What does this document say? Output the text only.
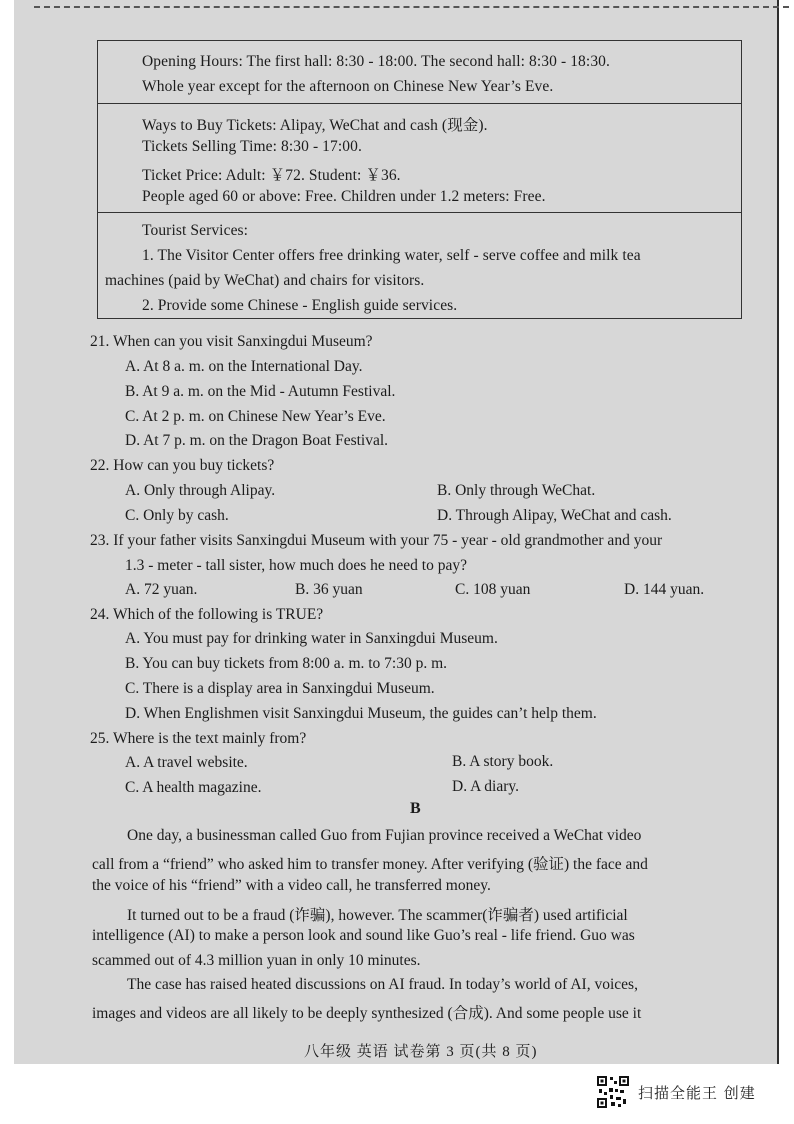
Opening Hours: The first hall: 8:30 - 18:00. The second hall: 8:30 - 18:30.
Whole year except for the afternoon on Chinese New Year’s Eve.
Ways to Buy Tickets: Alipay, WeChat and cash (现金).
Tickets Selling Time: 8:30 - 17:00.
Ticket Price: Adult: ￥72. Student: ￥36.
People aged 60 or above: Free. Children under 1.2 meters: Free.
Tourist Services:
1. The Visitor Center offers free drinking water, self - serve coffee and milk tea
machines (paid by WeChat) and chairs for visitors.
2. Provide some Chinese - English guide services.
21. When can you visit Sanxingdui Museum?
A. At 8 a. m. on the International Day.
B. At 9 a. m. on the Mid - Autumn Festival.
C. At 2 p. m. on Chinese New Year’s Eve.
D. At 7 p. m. on the Dragon Boat Festival.
22. How can you buy tickets?
A. Only through Alipay.	B. Only through WeChat.
C. Only by cash.	D. Through Alipay, WeChat and cash.
23. If your father visits Sanxingdui Museum with your 75 - year - old grandmother and your
1.3 - meter - tall sister, how much does he need to pay?
A. 72 yuan.	B. 36 yuan	C. 108 yuan	D. 144 yuan.
24. Which of the following is TRUE?
A. You must pay for drinking water in Sanxingdui Museum.
B. You can buy tickets from 8:00 a. m. to 7:30 p. m.
C. There is a display area in Sanxingdui Museum.
D. When Englishmen visit Sanxingdui Museum, the guides can’t help them.
25. Where is the text mainly from?
A. A travel website.	B. A story book.
C. A health magazine.	D. A diary.
B
One day, a businessman called Guo from Fujian province received a WeChat video
call from a “friend” who asked him to transfer money. After verifying (验证) the face and
the voice of his “friend” with a video call, he transferred money.
It turned out to be a fraud (诈骗), however. The scammer(诈骗者) used artificial
intelligence (AI) to make a person look and sound like Guo’s real - life friend. Guo was
scammed out of 4.3 million yuan in only 10 minutes.
The case has raised heated discussions on AI fraud. In today’s world of AI, voices,
images and videos are all likely to be deeply synthesized (合成). And some people use it
八年级 英语 试卷第 3 页(共 8 页)
扫描全能王 创建
